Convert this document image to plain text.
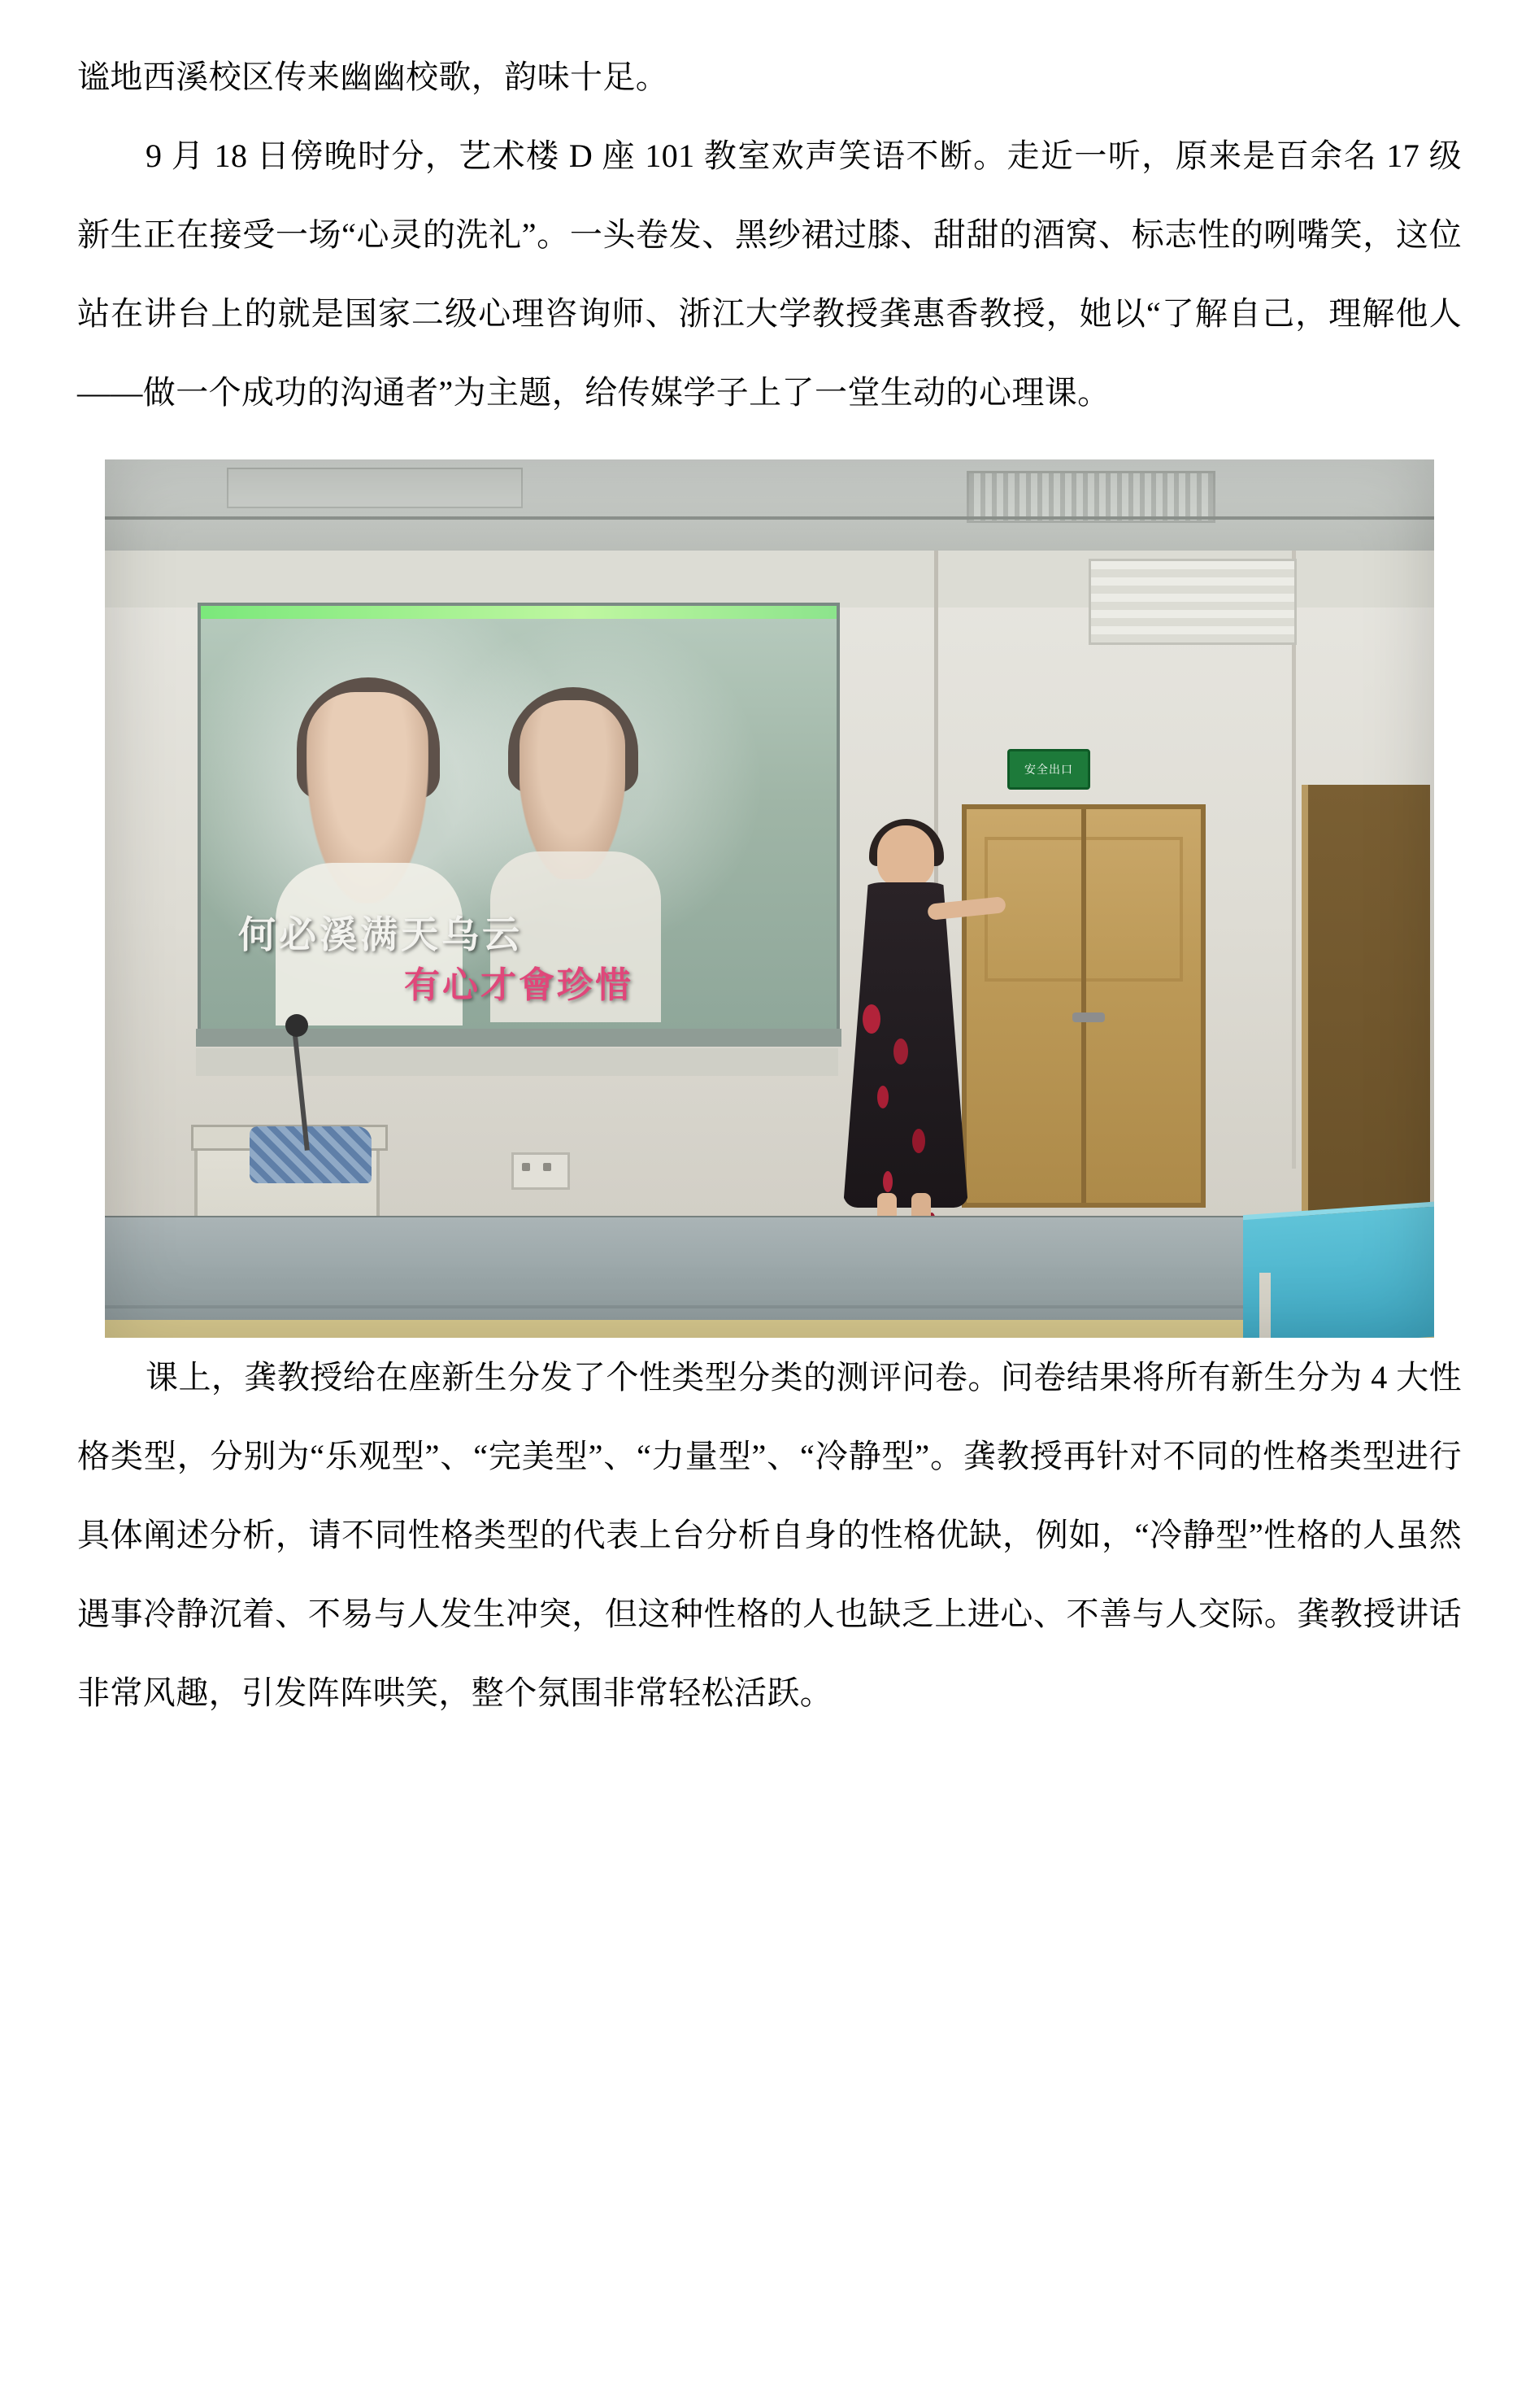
谧地西溪校区传来幽幽校歌，韵味十足。

9 月 18 日傍晚时分，艺术楼 D 座 101 教室欢声笑语不断。走近一听，原来是百余名 17 级新生正在接受一场“心灵的洗礼”。一头卷发、黑纱裙过膝、甜甜的酒窝、标志性的咧嘴笑，这位站在讲台上的就是国家二级心理咨询师、浙江大学教授龚惠香教授，她以“了解自己，理解他人——做一个成功的沟通者”为主题，给传媒学子上了一堂生动的心理课。

何必溪满天乌云
有心才會珍惜
安全出口

课上，龚教授给在座新生分发了个性类型分类的测评问卷。问卷结果将所有新生分为 4 大性格类型，分别为“乐观型”、“完美型”、“力量型”、“冷静型”。龚教授再针对不同的性格类型进行具体阐述分析，请不同性格类型的代表上台分析自身的性格优缺，例如，“冷静型”性格的人虽然遇事冷静沉着、不易与人发生冲突，但这种性格的人也缺乏上进心、不善与人交际。龚教授讲话非常风趣，引发阵阵哄笑，整个氛围非常轻松活跃。
